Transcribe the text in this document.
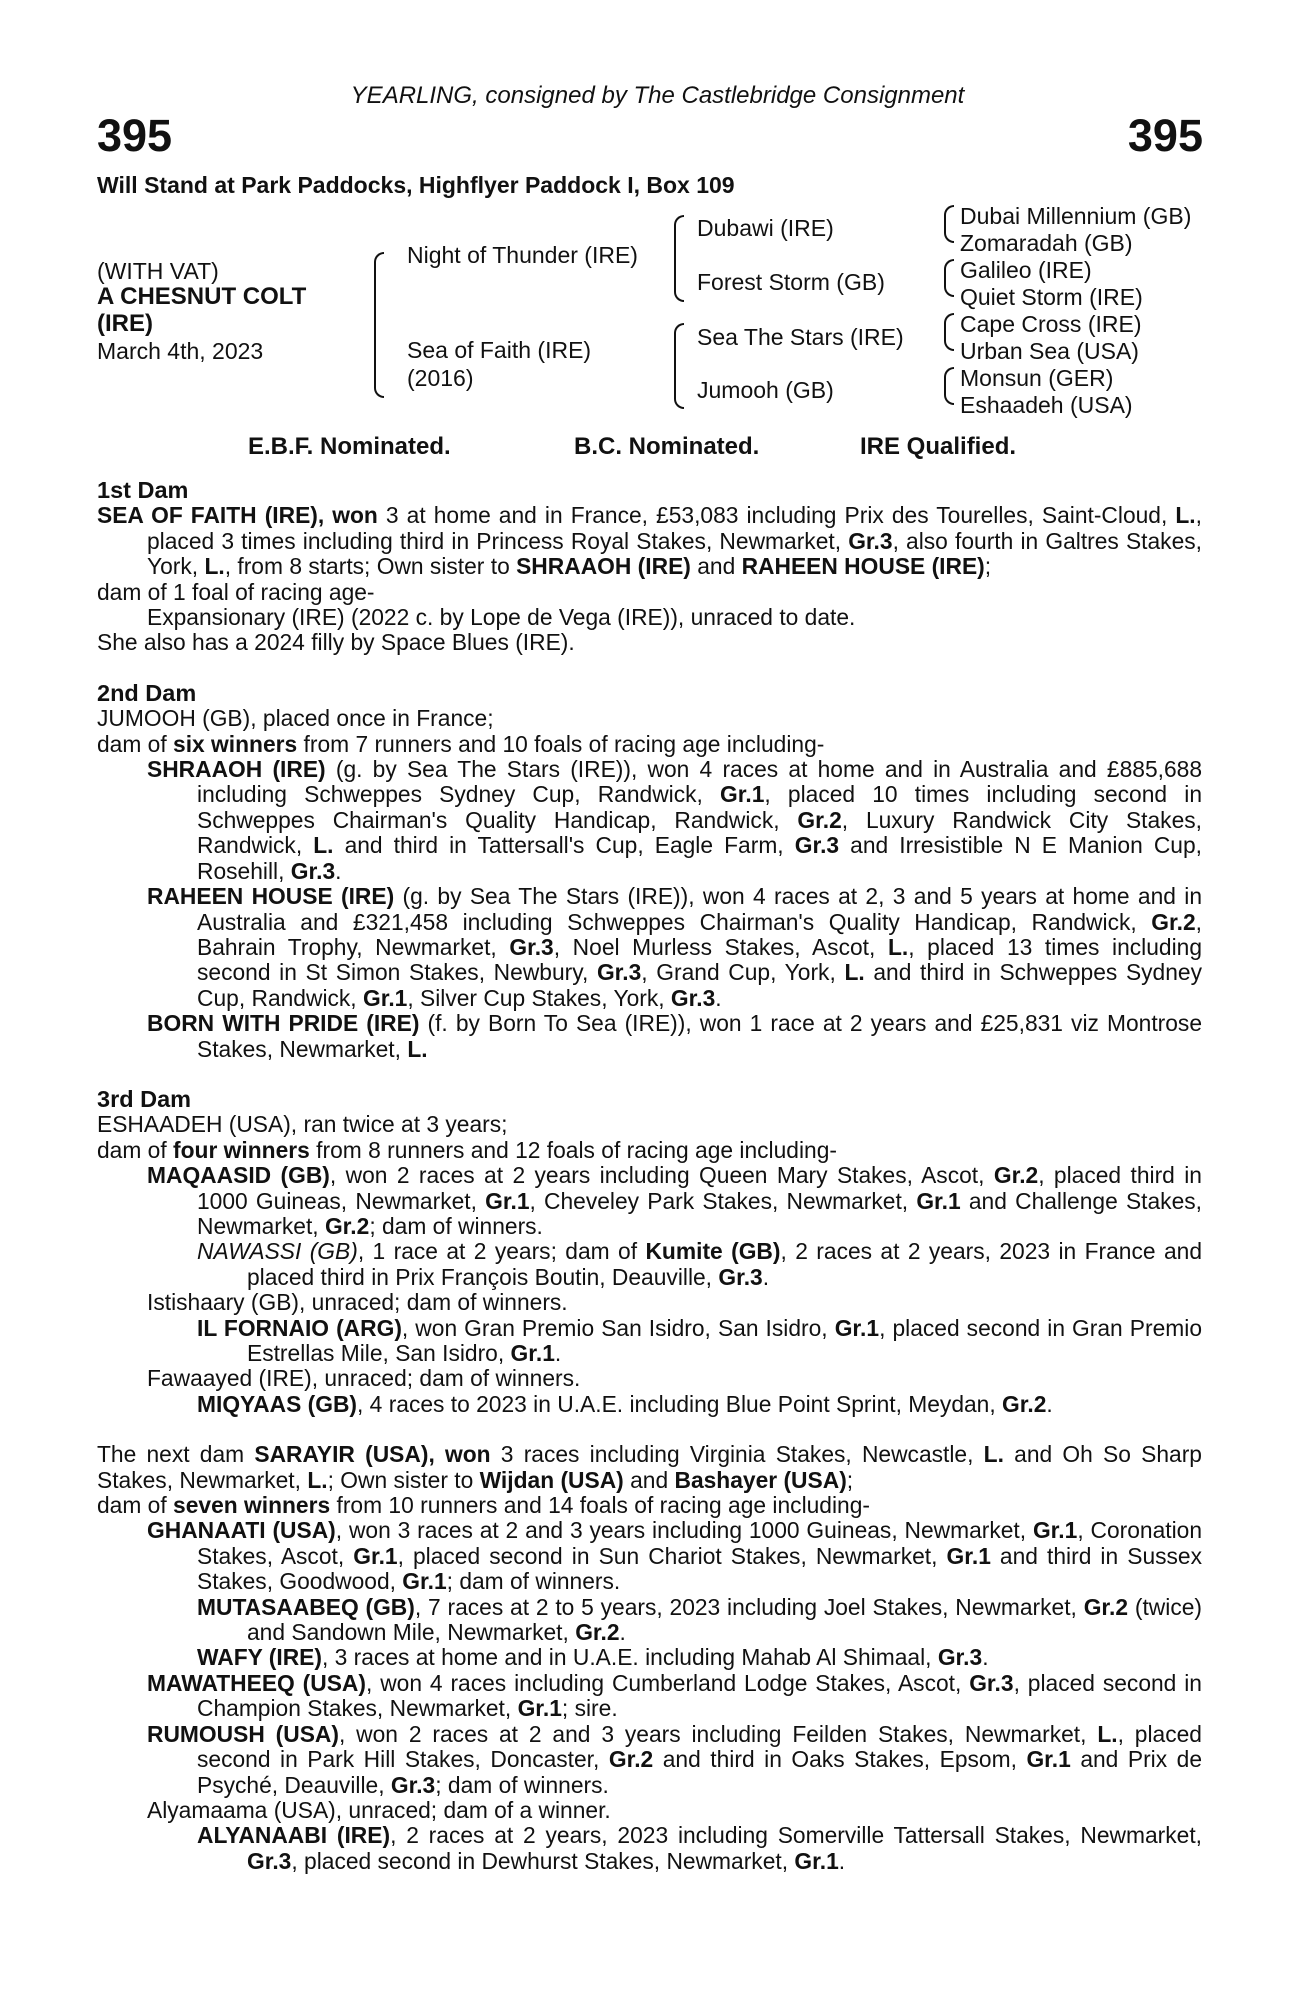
YEARLING, consigned by The Castlebridge Consignment
395	395
Will Stand at Park Paddocks, Highflyer Paddock I, Box 109
(WITH VAT)
A CHESNUT COLT
(IRE)
March 4th, 2023
Night of Thunder (IRE)
Sea of Faith (IRE)
(2016)
Dubawi (IRE)
Forest Storm (GB)
Sea The Stars (IRE)
Jumooh (GB)
Dubai Millennium (GB)
Zomaradah (GB)
Galileo (IRE)
Quiet Storm (IRE)
Cape Cross (IRE)
Urban Sea (USA)
Monsun (GER)
Eshaadeh (USA)
E.B.F. Nominated.	B.C. Nominated.	IRE Qualified.

1st Dam

SEA OF FAITH (IRE), won 3 at home and in France, £53,083 including Prix des Tourelles, Saint-Cloud, L., placed 3 times including third in Princess Royal Stakes, Newmarket, Gr.3, also fourth in Galtres Stakes, York, L., from 8 starts; Own sister to SHRAAOH (IRE) and RAHEEN HOUSE (IRE);

dam of 1 foal of racing age-

Expansionary (IRE) (2022 c. by Lope de Vega (IRE)), unraced to date.

She also has a 2024 filly by Space Blues (IRE).

2nd Dam

JUMOOH (GB), placed once in France;

dam of six winners from 7 runners and 10 foals of racing age including-

SHRAAOH (IRE) (g. by Sea The Stars (IRE)), won 4 races at home and in Australia and £885,688 including Schweppes Sydney Cup, Randwick, Gr.1, placed 10 times including second in Schweppes Chairman's Quality Handicap, Randwick, Gr.2, Luxury Randwick City Stakes, Randwick, L. and third in Tattersall's Cup, Eagle Farm, Gr.3 and Irresistible N E Manion Cup, Rosehill, Gr.3.

RAHEEN HOUSE (IRE) (g. by Sea The Stars (IRE)), won 4 races at 2, 3 and 5 years at home and in Australia and £321,458 including Schweppes Chairman's Quality Handicap, Randwick, Gr.2, Bahrain Trophy, Newmarket, Gr.3, Noel Murless Stakes, Ascot, L., placed 13 times including second in St Simon Stakes, Newbury, Gr.3, Grand Cup, York, L. and third in Schweppes Sydney Cup, Randwick, Gr.1, Silver Cup Stakes, York, Gr.3.

BORN WITH PRIDE (IRE) (f. by Born To Sea (IRE)), won 1 race at 2 years and £25,831 viz Montrose Stakes, Newmarket, L.

3rd Dam

ESHAADEH (USA), ran twice at 3 years;

dam of four winners from 8 runners and 12 foals of racing age including-

MAQAASID (GB), won 2 races at 2 years including Queen Mary Stakes, Ascot, Gr.2, placed third in 1000 Guineas, Newmarket, Gr.1, Cheveley Park Stakes, Newmarket, Gr.1 and Challenge Stakes, Newmarket, Gr.2; dam of winners.

NAWASSI (GB), 1 race at 2 years; dam of Kumite (GB), 2 races at 2 years, 2023 in France and placed third in Prix François Boutin, Deauville, Gr.3.

Istishaary (GB), unraced; dam of winners.

IL FORNAIO (ARG), won Gran Premio San Isidro, San Isidro, Gr.1, placed second in Gran Premio Estrellas Mile, San Isidro, Gr.1.

Fawaayed (IRE), unraced; dam of winners.

MIQYAAS (GB), 4 races to 2023 in U.A.E. including Blue Point Sprint, Meydan, Gr.2.

The next dam SARAYIR (USA), won 3 races including Virginia Stakes, Newcastle, L. and Oh So Sharp Stakes, Newmarket, L.; Own sister to Wijdan (USA) and Bashayer (USA);

dam of seven winners from 10 runners and 14 foals of racing age including-

GHANAATI (USA), won 3 races at 2 and 3 years including 1000 Guineas, Newmarket, Gr.1, Coronation Stakes, Ascot, Gr.1, placed second in Sun Chariot Stakes, Newmarket, Gr.1 and third in Sussex Stakes, Goodwood, Gr.1; dam of winners.

MUTASAABEQ (GB), 7 races at 2 to 5 years, 2023 including Joel Stakes, Newmarket, Gr.2 (twice) and Sandown Mile, Newmarket, Gr.2.

WAFY (IRE), 3 races at home and in U.A.E. including Mahab Al Shimaal, Gr.3.

MAWATHEEQ (USA), won 4 races including Cumberland Lodge Stakes, Ascot, Gr.3, placed second in Champion Stakes, Newmarket, Gr.1; sire.

RUMOUSH (USA), won 2 races at 2 and 3 years including Feilden Stakes, Newmarket, L., placed second in Park Hill Stakes, Doncaster, Gr.2 and third in Oaks Stakes, Epsom, Gr.1 and Prix de Psyché, Deauville, Gr.3; dam of winners.

Alyamaama (USA), unraced; dam of a winner.

ALYANAABI (IRE), 2 races at 2 years, 2023 including Somerville Tattersall Stakes, Newmarket, Gr.3, placed second in Dewhurst Stakes, Newmarket, Gr.1.
